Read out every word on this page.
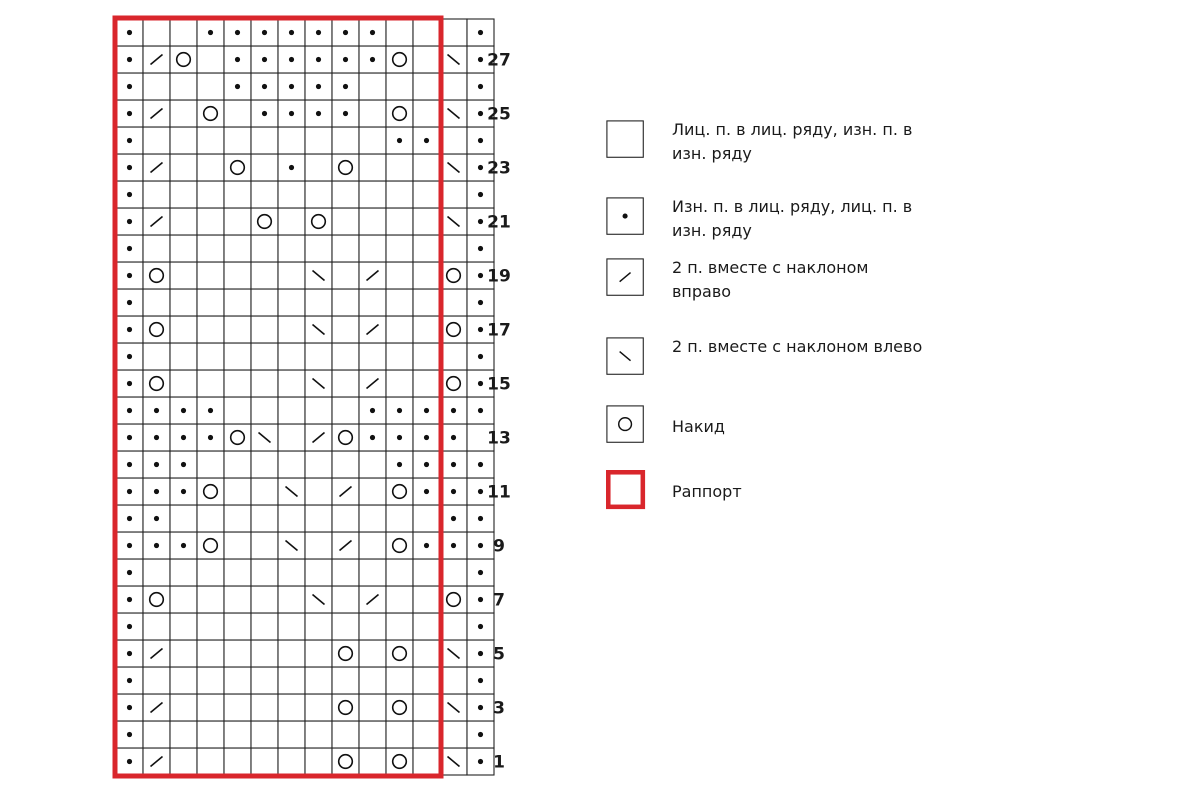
1
3
5
7
9
11
13
15
17
19
21
23
25
27
Лиц. п. в лиц. ряду, изн. п. в изн. ряду
Изн. п. в лиц. ряду, лиц. п. в изн. ряду
2 п. вместе с наклоном вправо
2 п. вместе с наклоном влево
Накид
Раппорт
